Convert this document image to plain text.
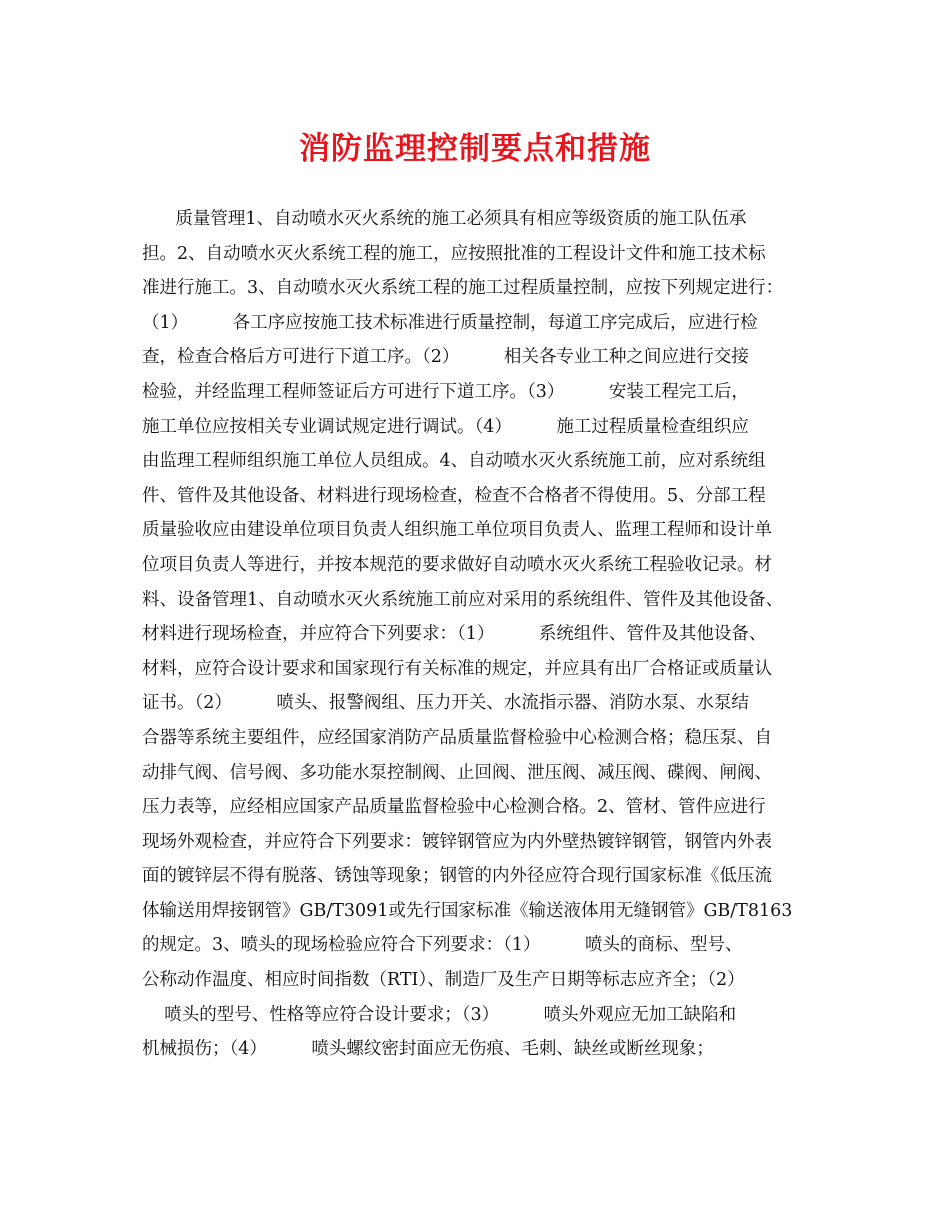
消防监理控制要点和措施
质量管理1、自动喷水灭火系统的施工必须具有相应等级资质的施工队伍承
担。2、自动喷水灭火系统工程的施工，应按照批准的工程设计文件和施工技术标
准进行施工。3、自动喷水灭火系统工程的施工过程质量控制，应按下列规定进行：
（1）        各工序应按施工技术标准进行质量控制，每道工序完成后，应进行检
查，检查合格后方可进行下道工序。（2）        相关各专业工种之间应进行交接
检验，并经监理工程师签证后方可进行下道工序。（3）        安装工程完工后，
施工单位应按相关专业调试规定进行调试。（4）        施工过程质量检查组织应
由监理工程师组织施工单位人员组成。4、自动喷水灭火系统施工前，应对系统组
件、管件及其他设备、材料进行现场检查，检查不合格者不得使用。5、分部工程
质量验收应由建设单位项目负责人组织施工单位项目负责人、监理工程师和设计单
位项目负责人等进行，并按本规范的要求做好自动喷水灭火系统工程验收记录。材
料、设备管理1、自动喷水灭火系统施工前应对采用的系统组件、管件及其他设备、
材料进行现场检查，并应符合下列要求：（1）        系统组件、管件及其他设备、
材料，应符合设计要求和国家现行有关标准的规定，并应具有出厂合格证或质量认
证书。（2）        喷头、报警阀组、压力开关、水流指示器、消防水泵、水泵结
合器等系统主要组件，应经国家消防产品质量监督检验中心检测合格；稳压泵、自
动排气阀、信号阀、多功能水泵控制阀、止回阀、泄压阀、减压阀、碟阀、闸阀、
压力表等，应经相应国家产品质量监督检验中心检测合格。2、管材、管件应进行
现场外观检查，并应符合下列要求：镀锌钢管应为内外壁热镀锌钢管，钢管内外表
面的镀锌层不得有脱落、锈蚀等现象；钢管的内外径应符合现行国家标准《低压流
体输送用焊接钢管》GB/T3091或先行国家标准《输送液体用无缝钢管》GB/T8163
的规定。3、喷头的现场检验应符合下列要求：（1）        喷头的商标、型号、
公称动作温度、相应时间指数（RTI）、制造厂及生产日期等标志应齐全；（2）
喷头的型号、性格等应符合设计要求；（3）        喷头外观应无加工缺陷和
机械损伤；（4）        喷头螺纹密封面应无伤痕、毛刺、缺丝或断丝现象；
